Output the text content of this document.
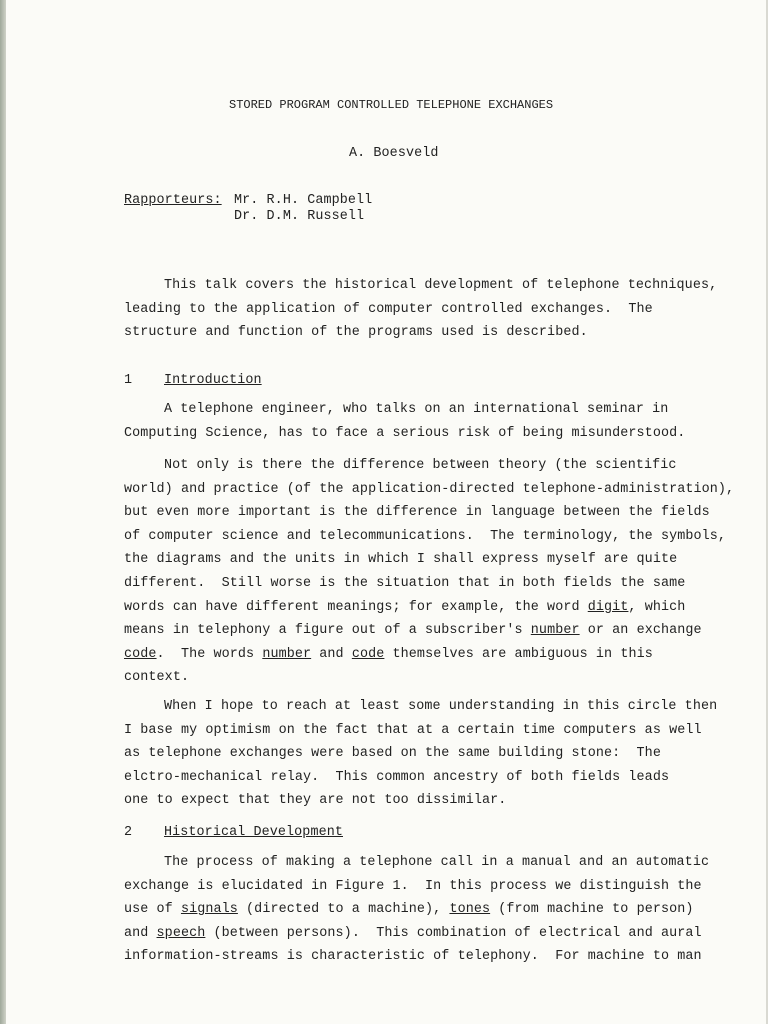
STORED PROGRAM CONTROLLED TELEPHONE EXCHANGES
A. Boesveld
Rapporteurs: Mr. R.H. Campbell
Dr. D.M. Russell
This talk covers the historical development of telephone techniques,
leading to the application of computer controlled exchanges.  The
structure and function of the programs used is described.
1 Introduction
A telephone engineer, who talks on an international seminar in
Computing Science, has to face a serious risk of being misunderstood.
Not only is there the difference between theory (the scientific
world) and practice (of the application-directed telephone-administration),
but even more important is the difference in language between the fields
of computer science and telecommunications.  The terminology, the symbols,
the diagrams and the units in which I shall express myself are quite
different.  Still worse is the situation that in both fields the same
words can have different meanings; for example, the word digit, which
means in telephony a figure out of a subscriber's number or an exchange
code.  The words number and code themselves are ambiguous in this
context.
When I hope to reach at least some understanding in this circle then
I base my optimism on the fact that at a certain time computers as well
as telephone exchanges were based on the same building stone:  The
elctro-mechanical relay.  This common ancestry of both fields leads
one to expect that they are not too dissimilar.
2 Historical Development
The process of making a telephone call in a manual and an automatic
exchange is elucidated in Figure 1.  In this process we distinguish the
use of signals (directed to a machine), tones (from machine to person)
and speech (between persons).  This combination of electrical and aural
information-streams is characteristic of telephony.  For machine to man
